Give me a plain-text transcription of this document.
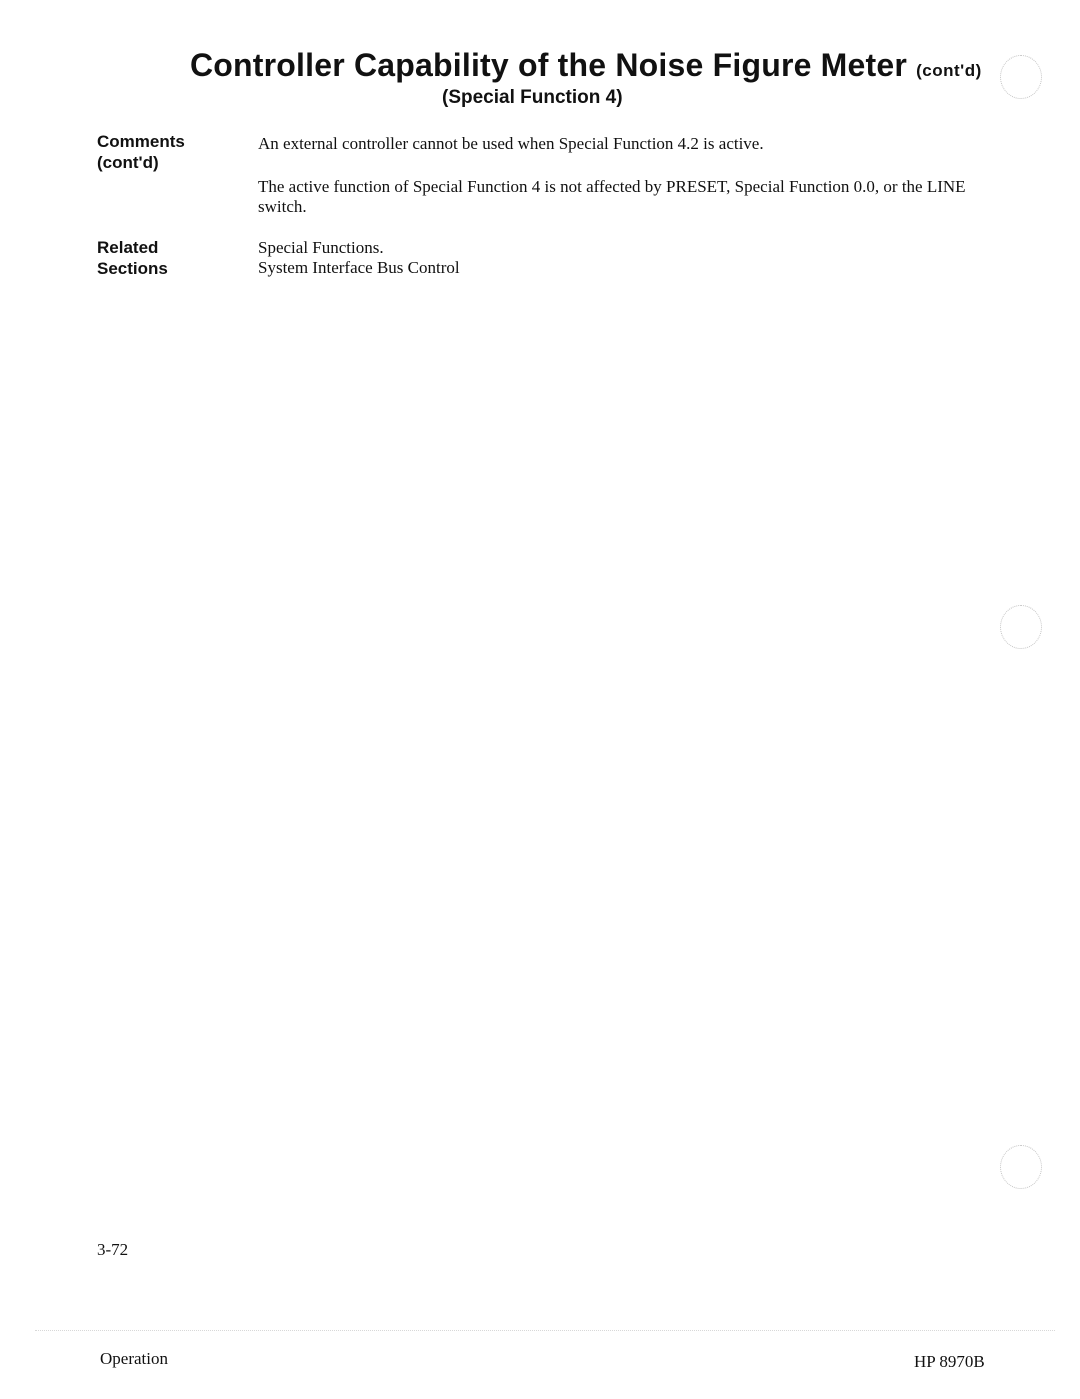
Controller Capability of the Noise Figure Meter (cont'd)
(Special Function 4)
Comments
(cont'd)
An external controller cannot be used when Special Function 4.2 is active.
The active function of Special Function 4 is not affected by PRESET, Special Function 0.0, or the LINE switch.
Related
Sections
Special Functions.
System Interface Bus Control
3-72
Operation	HP 8970B
